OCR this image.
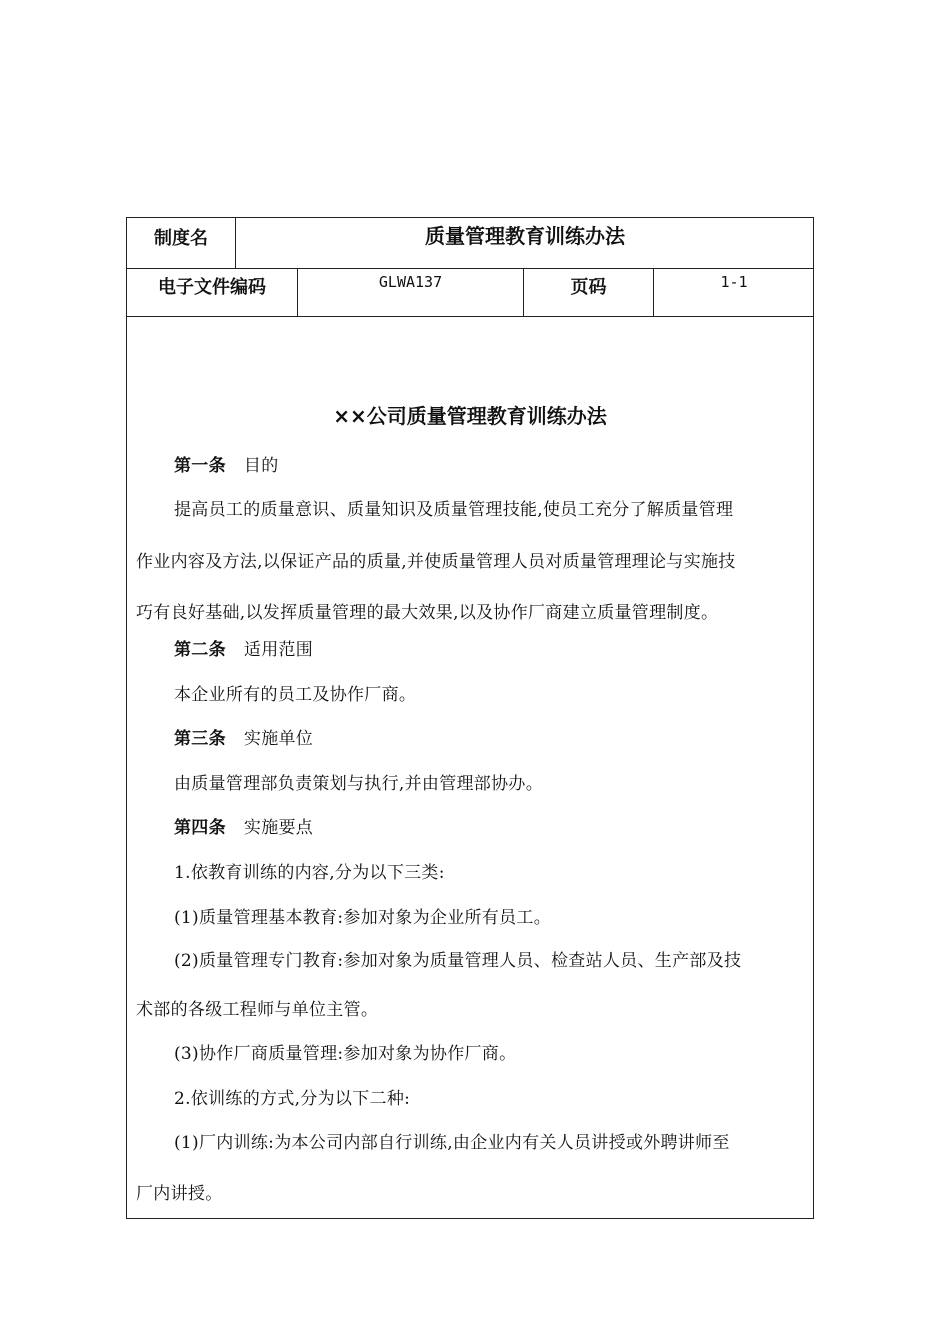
制度名	质量管理教育训练办法
电子文件编码	GLWA137	页码	1-1
××公司质量管理教育训练办法
第一条 目的
提高员工的质量意识、质量知识及质量管理技能,使员工充分了解质量管理
作业内容及方法,以保证产品的质量,并使质量管理人员对质量管理理论与实施技
巧有良好基础,以发挥质量管理的最大效果,以及协作厂商建立质量管理制度。
第二条 适用范围
本企业所有的员工及协作厂商。
第三条 实施单位
由质量管理部负责策划与执行,并由管理部协办。
第四条 实施要点
1.依教育训练的内容,分为以下三类:
(1)质量管理基本教育:参加对象为企业所有员工。
(2)质量管理专门教育:参加对象为质量管理人员、检查站人员、生产部及技
术部的各级工程师与单位主管。
(3)协作厂商质量管理:参加对象为协作厂商。
2.依训练的方式,分为以下二种:
(1)厂内训练:为本公司内部自行训练,由企业内有关人员讲授或外聘讲师至
厂内讲授。
